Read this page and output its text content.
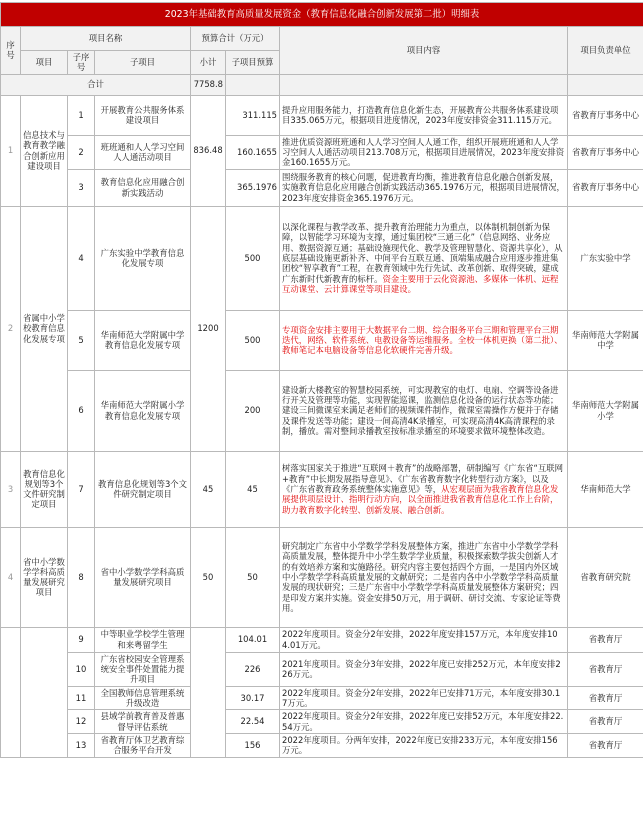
2023年基础教育高质量发展资金（教育信息化融合创新发展第二批）明细表							
序号	项目名称			预算合计（万元）		项目内容	项目负责单位
	项目	子序号	子项目	小计	子项目预算		
合计				7758.8			
1	信息技术与教育教学融合创新应用建设项目	1	开展教育公共服务体系建设项目	836.48	311.115	提升应用服务能力，打造教育信息化新生态，开展教育公共服务体系建设项目335.065万元，根据项目进度情况，2023年度安排资金311.115万元。	省教育厅事务中心
		2	班班通和人人学习空间人人通活动项目		160.1655	推进优质资源班班通和人人学习空间人人通工作，组织开展班班通和人人学习空间人人通活动项目213.708万元，根据项目进展情况，2023年度安排资金160.1655万元。	省教育厅事务中心
		3	教育信息化应用融合创新实践活动		365.1976	围绕服务教育的核心问题，促进教育均衡，推进教育信息化融合创新发展，实施教育信息化应用融合创新实践活动365.1976万元，根据项目进展情况，2023年度安排资金365.1976万元。	省教育厅事务中心
2	省属中小学校教育信息化发展专项	4	广东实验中学教育信息化发展专项	1200	500	以深化课程与教学改革、提升教育治理能力为重点，以体制机制创新为保障，以智能学习环境为支撑，通过集团校“三通三化”（信息网络、业务应用、数据资源互通；基础设施现代化、教学及管理智慧化、资源共享化），从底层基础设施更新补齐、中间平台互联互通、顶端集成融合应用逐步推进集团校“智享教育”工程，在教育领域中先行先试、改革创新、取得突破，建成广东新时代新教育的标杆。资金主要用于云化资源池、多媒体一体机、远程互动课堂、云计算课堂等项目建设。	广东实验中学
		5	华南师范大学附属中学教育信息化发展专项		500	专项资金安排主要用于大数据平台二期、综合服务平台三期和管理平台三期迭代，网络、软件系统、电教设备等运维服务。全校一体机更换（第二批）、教师笔记本电脑设备等信息化软硬件完善升级。	华南师范大学附属中学
		6	华南师范大学附属小学教育信息化发展专项		200	建设新大楼教室的智慧校园系统，可实现教室的电灯、电扇、空调等设备进行开关及管理等功能，实现智能巡课，监测信息化设备的运行状态等功能；建设三间微课室来满足老师们的视频课件制作，微课室需操作方便并于存储及课件发送等功能；建设一间高清4K录播室，可实现高清4K高清课程的录制，播放。需对整间录播教室按标准录播室的环境要求做环境整体改造。	华南师范大学附属小学
3	教育信息化规划等3个文件研究制定项目	7	教育信息化规划等3个文件研究制定项目	45	45	树落实国家关于推进“互联网＋教育”的战略部署，研制编写《广东省“互联网+教育”中长期发展指导意见》、《广东省教育数字化转型行动方案》，以及《广东省教育政务系统整体实施意见》等，从宏观层面为我省教育信息化发展提供项层设计、指明行动方向，以全面推进我省教育信息化工作上台阶，助力教育数字化转型、创新发展、融合创新。	华南师范大学
4	省中小学数学学科高质量发展研究项目	8	省中小学数学学科高质量发展研究项目	50	50	研究制定广东省中小学数学学科发展整体方案，推进广东省中小学数学学科高质量发展，整体提升中小学生数学学业质量，积极探索数学拔尖创新人才的有效培养方案和实施路径。研究内容主要包括四个方面，一是国内外区域中小学数学学科高质量发展的文献研究；二是省内各中小学数学学科高质量发展的现状研究；三是广东省中小学数学学科高质量发展整体方案研究；四是印发方案并实施。资金安排50万元，用于调研、研讨交流、专家论证等费用。	省教育研究院
		9	中等职业学校学生管理和来粤留学生		104.01	2022年度项目。资金分2年安排，2022年度安排157万元，本年度安排104.01万元。	省教育厅
		10	广东省校园安全管理系统安全事件处置能力提升项目		226	2021年度项目。资金分3年安排，2022年度已安排252万元，本年度安排226万元。	省教育厅
		11	全国教师信息管理系统升级改造		30.17	2022年度项目。资金分2年安排，2022年已安排71万元，本年度安排30.17万元。	省教育厅
		12	县域学前教育普及普惠督导评估系统		22.54	2022年度项目。资金分2年安排，2022年度已安排52万元，本年度安排22.54万元。	省教育厅
		13	省教育厅体卫艺教育综合服务平台开发		156	2022年度项目。分两年安排，2022年度已安排233万元，本年度安排156万元。	省教育厅
